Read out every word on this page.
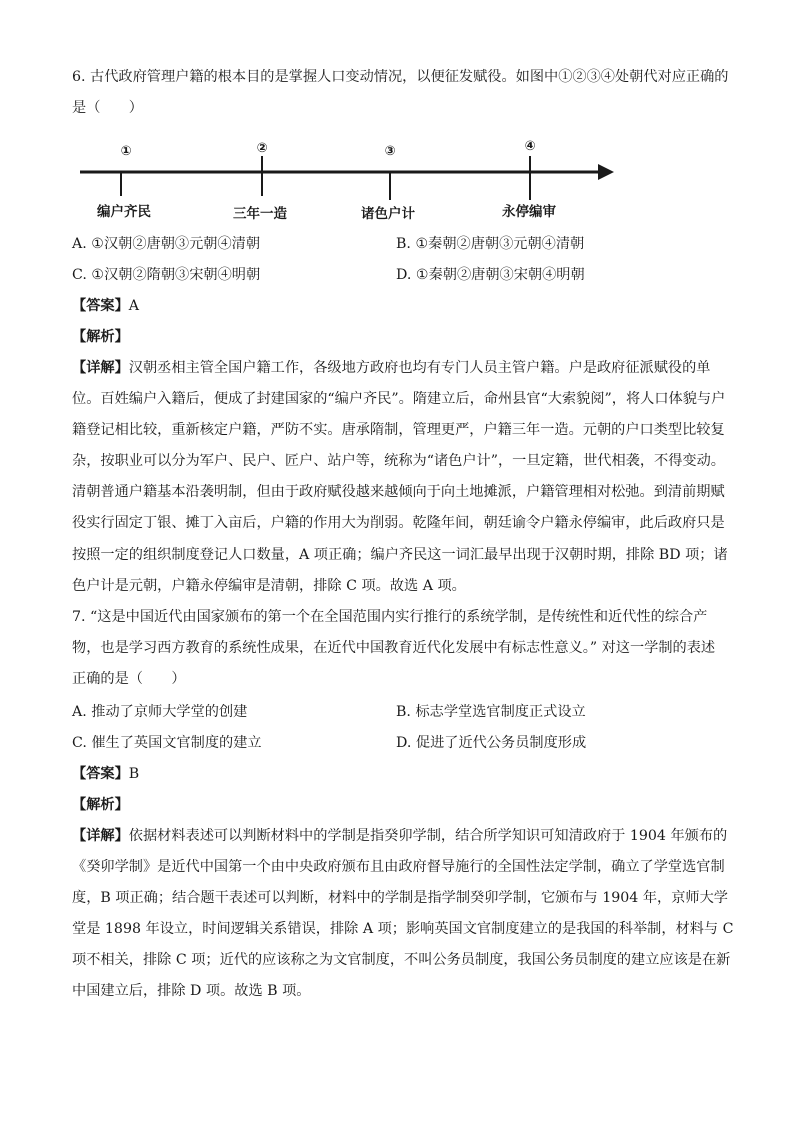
6. 古代政府管理户籍的根本目的是掌握人口变动情况，以便征发赋役。如图中①②③④处朝代对应正确的
是（　　）
①	②	③	④
编户齐民	三年一造	诸色户计	永停编审
A. ①汉朝②唐朝③元朝④清朝	B. ①秦朝②唐朝③元朝④清朝
C. ①汉朝②隋朝③宋朝④明朝	D. ①秦朝②唐朝③宋朝④明朝
【答案】A
【解析】
【详解】汉朝丞相主管全国户籍工作，各级地方政府也均有专门人员主管户籍。户是政府征派赋役的单
位。百姓编户入籍后，便成了封建国家的“编户齐民”。隋建立后，命州县官“大索貌阅”，将人口体貌与户
籍登记相比较，重新核定户籍，严防不实。唐承隋制，管理更严，户籍三年一造。元朝的户口类型比较复
杂，按职业可以分为军户、民户、匠户、站户等，统称为“诸色户计”，一旦定籍，世代相袭，不得变动。
清朝普通户籍基本沿袭明制，但由于政府赋役越来越倾向于向土地摊派，户籍管理相对松弛。到清前期赋
役实行固定丁银、摊丁入亩后，户籍的作用大为削弱。乾隆年间，朝廷谕令户籍永停编审，此后政府只是
按照一定的组织制度登记人口数量，A 项正确；编户齐民这一词汇最早出现于汉朝时期，排除 BD 项；诸
色户计是元朝，户籍永停编审是清朝，排除 C 项。故选 A 项。
7. “这是中国近代由国家颁布的第一个在全国范围内实行推行的系统学制，是传统性和近代性的综合产
物，也是学习西方教育的系统性成果，在近代中国教育近代化发展中有标志性意义。” 对这一学制的表述
正确的是（　　）
A. 推动了京师大学堂的创建	B. 标志学堂选官制度正式设立
C. 催生了英国文官制度的建立	D. 促进了近代公务员制度形成
【答案】B
【解析】
【详解】依据材料表述可以判断材料中的学制是指癸卯学制，结合所学知识可知清政府于 1904 年颁布的
《癸卯学制》是近代中国第一个由中央政府颁布且由政府督导施行的全国性法定学制，确立了学堂选官制
度，B 项正确；结合题干表述可以判断，材料中的学制是指学制癸卯学制，它颁布与 1904 年，京师大学
堂是 1898 年设立，时间逻辑关系错误，排除 A 项；影响英国文官制度建立的是我国的科举制，材料与 C
项不相关，排除 C 项；近代的应该称之为文官制度，不叫公务员制度，我国公务员制度的建立应该是在新
中国建立后，排除 D 项。故选 B 项。
